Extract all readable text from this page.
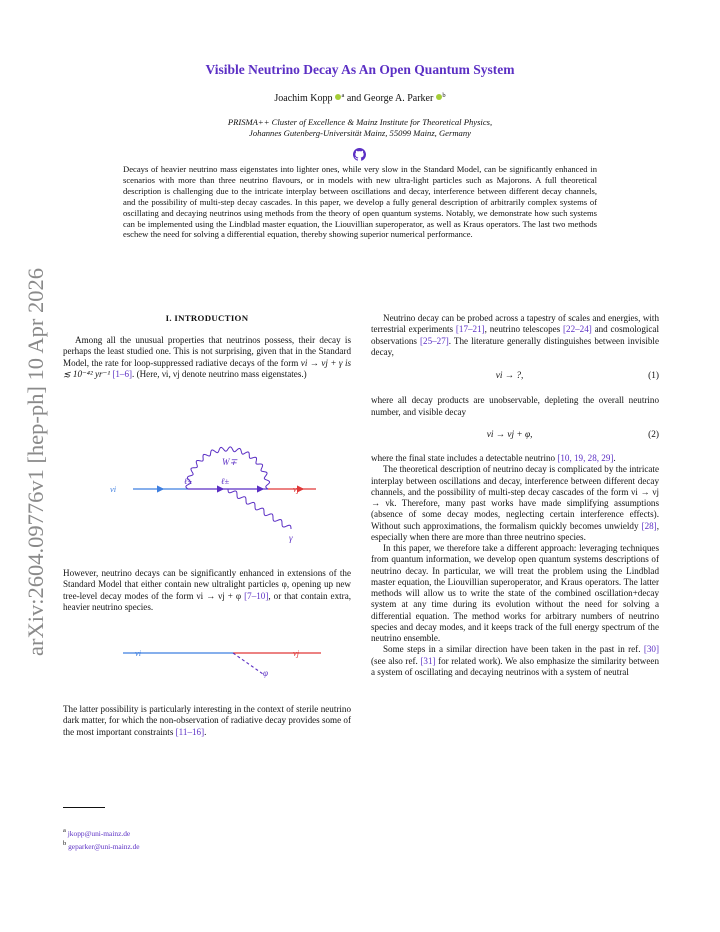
Visible Neutrino Decay As An Open Quantum System
Joachim Kopp $^a$ and George A. Parker $^b$
PRISMA++ Cluster of Excellence & Mainz Institute for Theoretical Physics,
Johannes Gutenberg-Universität Mainz, 55099 Mainz, Germany
Decays of heavier neutrino mass eigenstates into lighter ones, while very slow in the Standard Model, can be significantly enhanced in scenarios with more than three neutrino flavours, or in models with new ultra-light particles such as Majorons. A full theoretical description is challenging due to the intricate interplay between oscillations and decay, interference between different decay channels, and the possibility of multi-step decay cascades. In this paper, we develop a fully general description of arbitrarily complex systems of oscillating and decaying neutrinos using methods from the theory of open quantum systems. Notably, we demonstrate how such systems can be implemented using the Lindblad master equation, the Liouvillian superoperator, as well as Kraus operators. The last two methods eschew the need for solving a differential equation, thereby showing superior numerical performance.
arXiv:2604.09776v1 [hep-ph] 10 Apr 2026	I. INTRODUCTION
Among all the unusual properties that neutrinos possess, their decay is perhaps the least studied one. This is not surprising, given that in the Standard Model, the rate for loop-suppressed radiative decays of the form νi → νj + γ is ≲ 10⁻⁴² yr⁻¹ [1–6]. (Here, νi, νj denote neutrino mass eigenstates.)
νi	νj
W∓
ℓ±	ℓ±
γ
However, neutrino decays can be significantly enhanced in extensions of the Standard Model that either contain new ultralight particles φ, opening up new tree-level decay modes of the form νi → νj + φ [7–10], or that contain extra, heavier neutrino species.
νi	νj
φ
The latter possibility is particularly interesting in the context of sterile neutrino dark matter, for which the non-observation of radiative decay provides some of the most important constraints [11–16].
a jkopp@uni-mainz.de
b geparker@uni-mainz.de

Neutrino decay can be probed across a tapestry of scales and energies, with terrestrial experiments [17–21], neutrino telescopes [22–24] and cosmological observations [25–27]. The literature generally distinguishes between invisible decay,

νi → ?,	(1)

where all decay products are unobservable, depleting the overall neutrino number, and visible decay

νi → νj + φ,	(2)

where the final state includes a detectable neutrino [10, 19, 28, 29].

The theoretical description of neutrino decay is complicated by the intricate interplay between oscillations and decay, interference between different decay channels, and the possibility of multi-step decay cascades of the form νi → νj → νk. Therefore, many past works have made simplifying assumptions (absence of some decay modes, neglecting certain interference effects). Without such approximations, the formalism quickly becomes unwieldy [28], especially when there are more than three neutrino species.

In this paper, we therefore take a different approach: leveraging techniques from quantum information, we develop open quantum systems descriptions of neutrino decay. In particular, we will treat the problem using the Lindblad master equation, the Liouvillian superoperator, and Kraus operators. The latter methods will allow us to write the state of the combined oscillation+decay system at any time during its evolution without the need for solving a differential equation. The method works for arbitrary numbers of neutrino species and decay modes, and it keeps track of the full energy spectrum of the neutrino ensemble.

Some steps in a similar direction have been taken in the past in ref. [30] (see also ref. [31] for related work). We also emphasize the similarity between a system of oscillating and decaying neutrinos with a system of neutral
